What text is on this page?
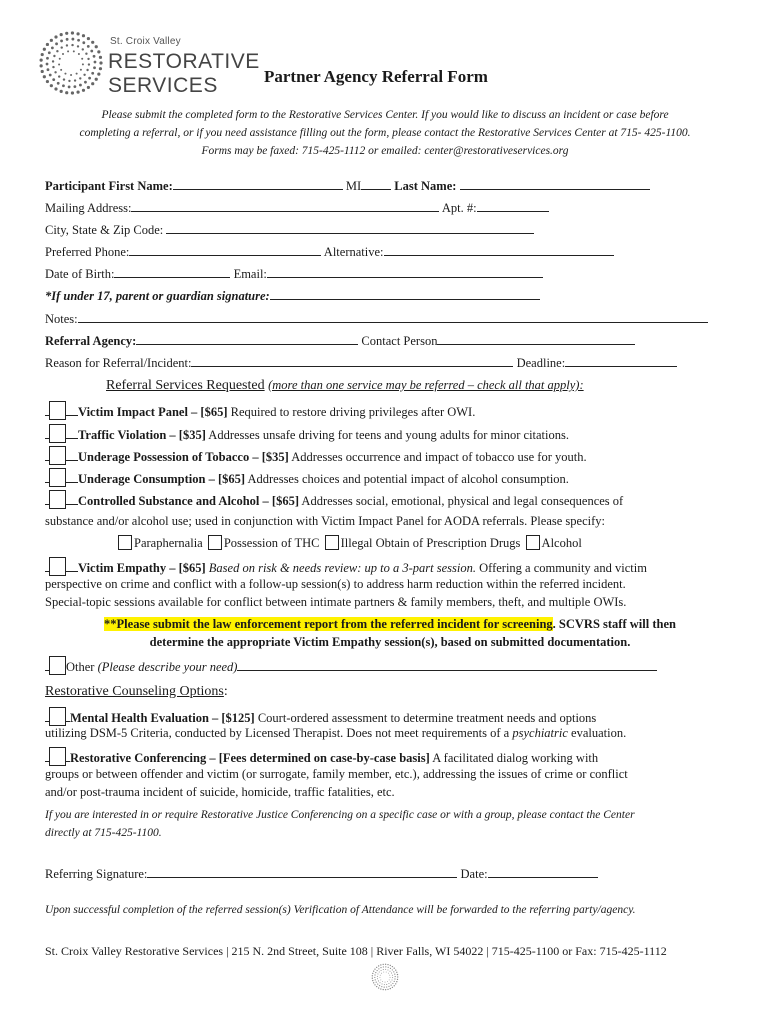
St. Croix Valley
RESTORATIVE
SERVICES	Partner Agency Referral Form
Please submit the completed form to the Restorative Services Center. If you would like to discuss an incident or case before
completing a referral, or if you need assistance filling out the form, please contact the Restorative Services Center at 715- 425-1100.
Forms may be faxed: 715-425-1112 or emailed: center@restorativeservices.org
Participant First Name:	MI	Last Name:
Mailing Address:	Apt. #:
City, State & Zip Code:
Preferred Phone:	Alternative:
Date of Birth:	Email:
*If under 17, parent or guardian signature:
Notes:
Referral Agency:	Contact Person
Reason for Referral/Incident:	Deadline:
Referral Services Requested (more than one service may be referred – check all that apply):
Victim Impact Panel – [$65] Required to restore driving privileges after OWI.
Traffic Violation – [$35] Addresses unsafe driving for teens and young adults for minor citations.
Underage Possession of Tobacco – [$35] Addresses occurrence and impact of tobacco use for youth.
Underage Consumption – [$65] Addresses choices and potential impact of alcohol consumption.
Controlled Substance and Alcohol – [$65] Addresses social, emotional, physical and legal consequences of
substance and/or alcohol use; used in conjunction with Victim Impact Panel for AODA referrals. Please specify:
Paraphernalia Possession of THC Illegal Obtain of Prescription Drugs Alcohol
Victim Empathy – [$65] Based on risk & needs review: up to a 3-part session. Offering a community and victim
perspective on crime and conflict with a follow-up session(s) to address harm reduction within the referred incident.
Special-topic sessions available for conflict between intimate partners & family members, theft, and multiple OWIs.
**Please submit the law enforcement report from the referred incident for screening. SCVRS staff will then
determine the appropriate Victim Empathy session(s), based on submitted documentation.
Other (Please describe your need)
Restorative Counseling Options:
Mental Health Evaluation – [$125] Court-ordered assessment to determine treatment needs and options
utilizing DSM-5 Criteria, conducted by Licensed Therapist. Does not meet requirements of a psychiatric evaluation.
Restorative Conferencing – [Fees determined on case-by-case basis] A facilitated dialog working with
groups or between offender and victim (or surrogate, family member, etc.), addressing the issues of crime or conflict
and/or post-trauma incident of suicide, homicide, traffic fatalities, etc.
If you are interested in or require Restorative Justice Conferencing on a specific case or with a group, please contact the Center
directly at 715-425-1100.
Referring Signature:	Date:
Upon successful completion of the referred session(s) Verification of Attendance will be forwarded to the referring party/agency.
St. Croix Valley Restorative Services | 215 N. 2nd Street, Suite 108 | River Falls, WI 54022 | 715-425-1100 or Fax: 715-425-1112
